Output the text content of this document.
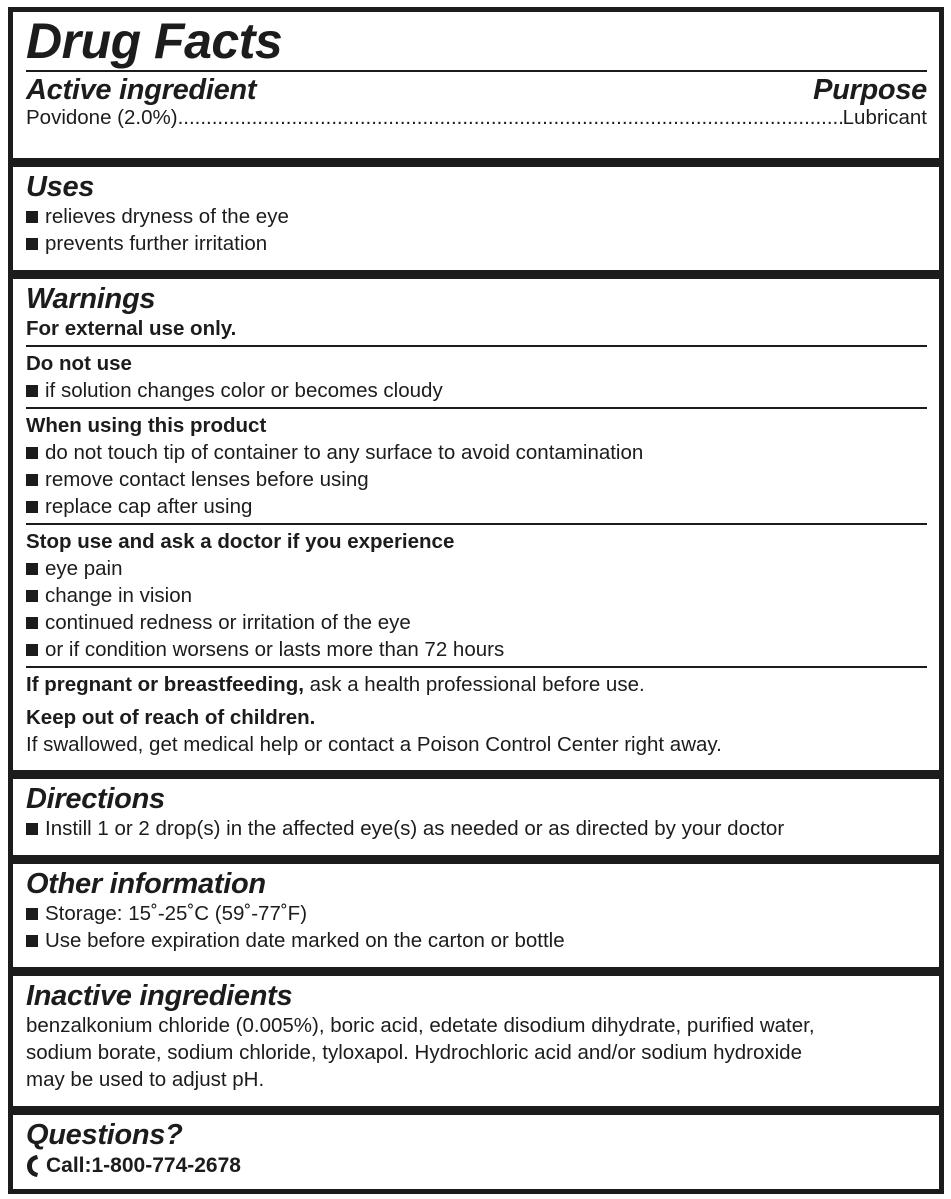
Drug Facts
Active ingredient	Purpose
Povidone (2.0%)
.....	Lubricant
Uses
relieves dryness of the eye
prevents further irritation
Warnings
For external use only.
Do not use
if solution changes color or becomes cloudy
When using this product
do not touch tip of container to any surface to avoid contamination
remove contact lenses before using
replace cap after using
Stop use and ask a doctor if you experience
eye pain
change in vision
continued redness or irritation of the eye
or if condition worsens or lasts more than 72 hours
If pregnant or breastfeeding, ask a health professional before use.
Keep out of reach of children.
If swallowed, get medical help or contact a Poison Control Center right away.
Directions
Instill 1 or 2 drop(s) in the affected eye(s) as needed or as directed by your doctor
Other information
Storage: 15˚-25˚C (59˚-77˚F)
Use before expiration date marked on the carton or bottle
Inactive ingredients
benzalkonium chloride (0.005%), boric acid, edetate disodium dihydrate, purified water,
sodium borate, sodium chloride, tyloxapol. Hydrochloric acid and/or sodium hydroxide
may be used to adjust pH.
Questions?
Call:1-800-774-2678
